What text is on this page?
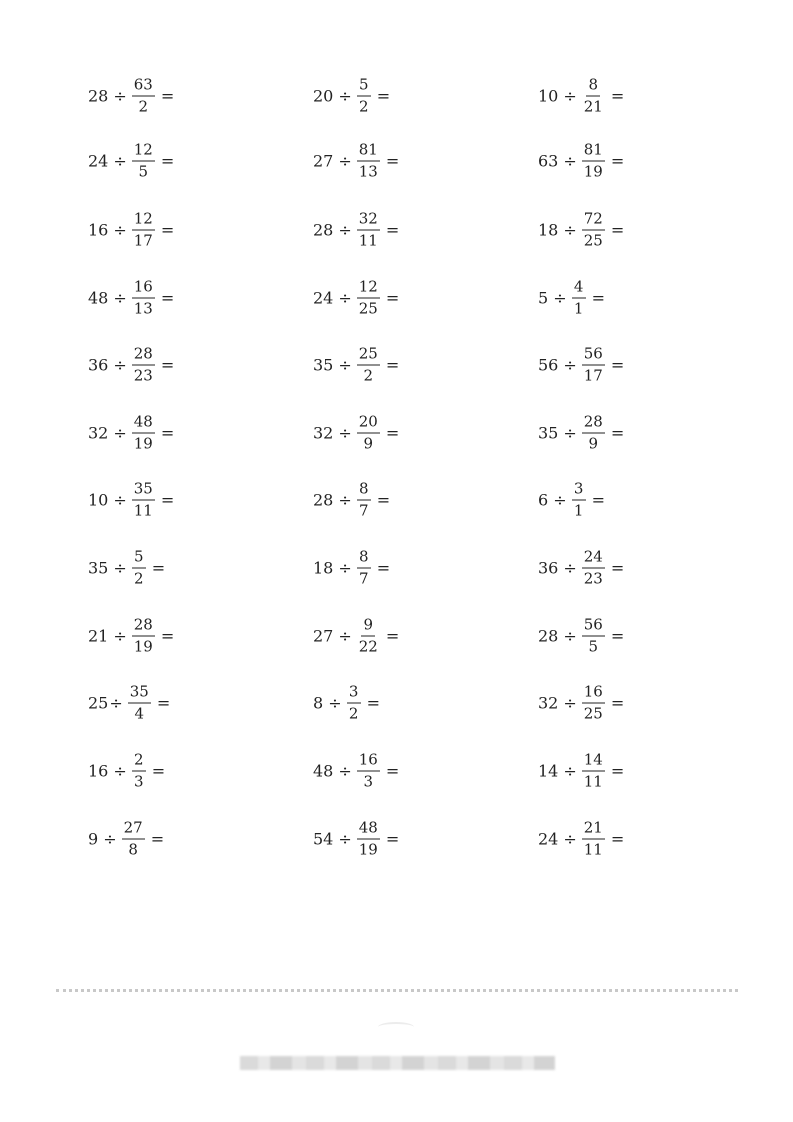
$28 \div \frac{63}{2}$ =	$20 \div \frac{5}{2}$ =	$10 \div \frac{8}{21}$ =
$24 \div \frac{12}{5}$ =	$27 \div \frac{81}{13}$ =	$63 \div \frac{81}{19}$ =
$16 \div \frac{12}{17}$ =	$28 \div \frac{32}{11}$ =	$18 \div \frac{72}{25}$ =
$48 \div \frac{16}{13}$ =	$24 \div \frac{12}{25}$ =	$5 \div \frac{4}{1}$ =
$36 \div \frac{28}{23}$ =	$35 \div \frac{25}{2}$ =	$56 \div \frac{56}{17}$ =
$32 \div \frac{48}{19}$ =	$32 \div \frac{20}{9}$ =	$35 \div \frac{28}{9}$ =
$10 \div \frac{35}{11}$ =	$28 \div \frac{8}{7}$ =	$6 \div \frac{3}{1}$ =
$35 \div \frac{5}{2}$ =	$18 \div \frac{8}{7}$ =	$36 \div \frac{24}{23}$ =
$21 \div \frac{28}{19}$ =	$27 \div \frac{9}{22}$ =	$28 \div \frac{56}{5}$ =
$25 \div \frac{35}{4}$ =	$8 \div \frac{3}{2}$ =	$32 \div \frac{16}{25}$ =
$16 \div \frac{2}{3}$ =	$48 \div \frac{16}{3}$ =	$14 \div \frac{14}{11}$ =
$9 \div \frac{27}{8}$ =	$54 \div \frac{48}{19}$ =	$24 \div \frac{21}{11}$ =
